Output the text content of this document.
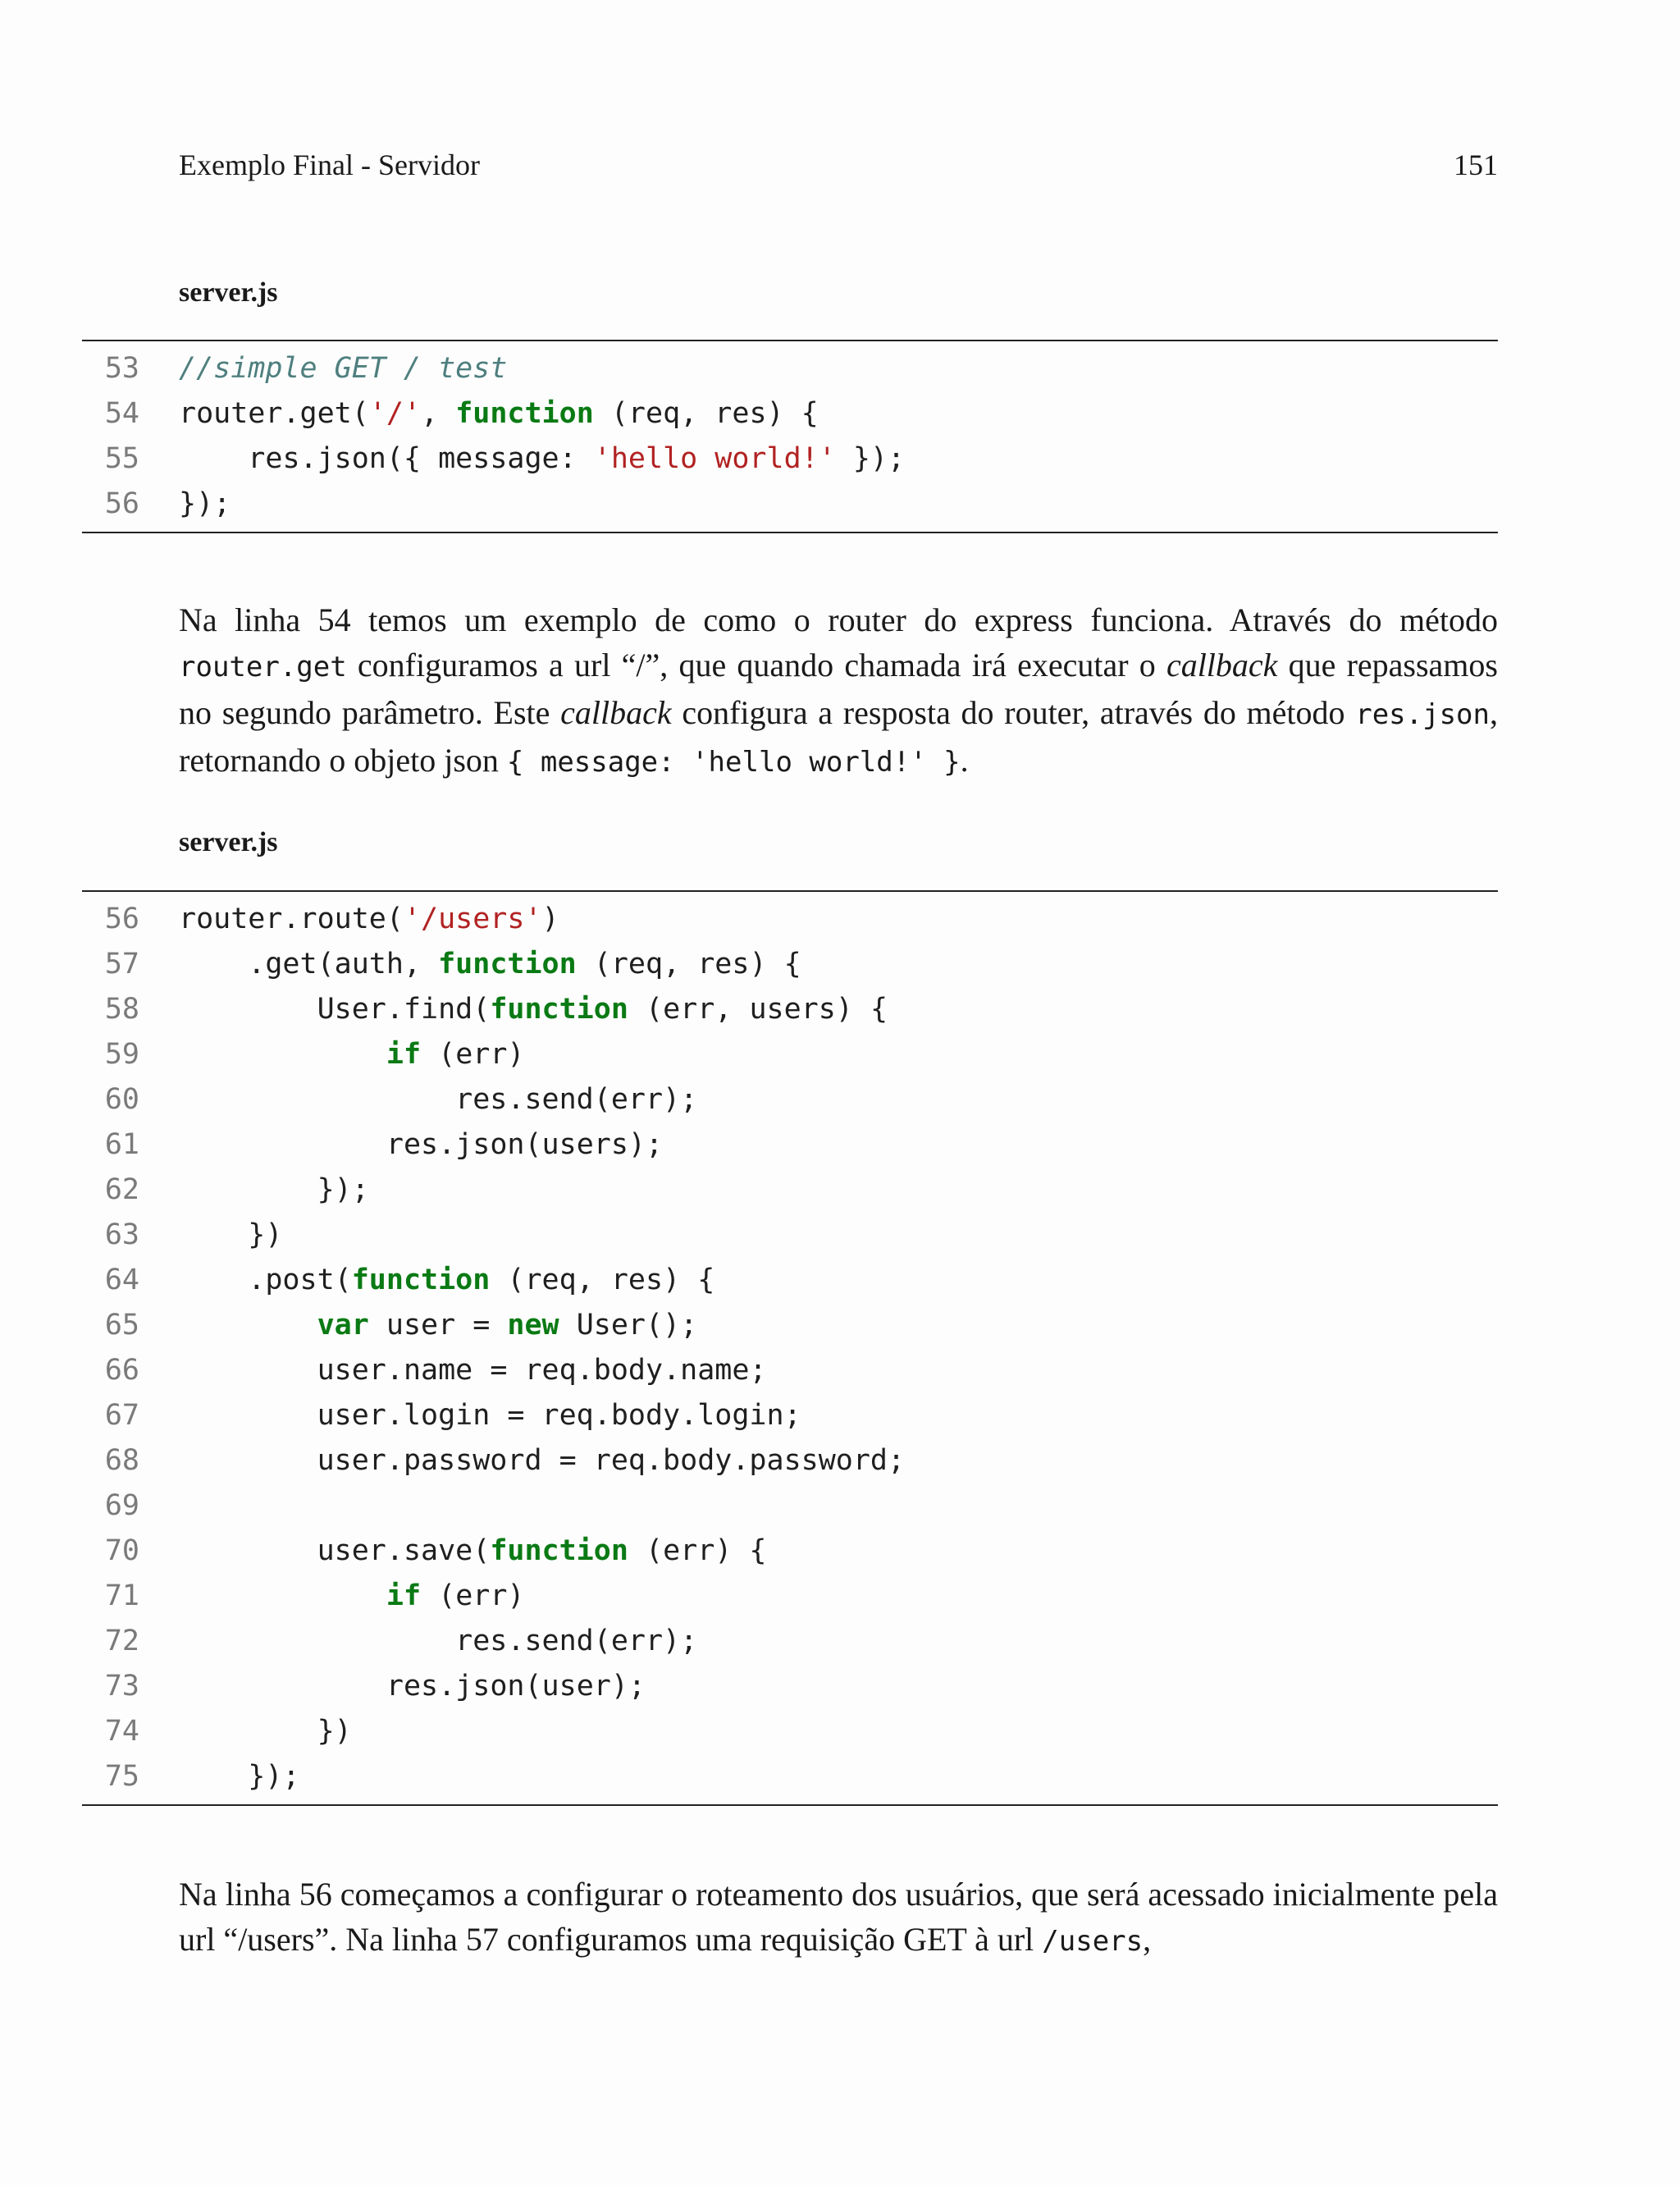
Exemplo Final - Servidor	151
server.js
53 //simple GET / test
54 router.get('/', function (req, res) {
55	res.json({ message: 'hello world!' });
56 });

Na linha 54 temos um exemplo de como o router do express funciona. Através do método router.get configuramos a url “/”, que quando chamada irá executar o callback que repassamos no segundo parâmetro. Este callback configura a resposta do router, através do método res.json, retornando o objeto json { message: 'hello world!' }.

server.js
56 router.route('/users')
57 .get(auth, function (req, res) {
58	User.find(function (err, users) {
59	if (err)
60	res.send(err);
61	res.json(users);
62 });
63 })
64 .post(function (req, res) {
65	var user = new User();
66	user.name = req.body.name;
67	user.login = req.body.login;
68	user.password = req.body.password;
69
70	user.save(function (err) {
71	if (err)
72	res.send(err);
73	res.json(user);
74 })
75 });

Na linha 56 começamos a configurar o roteamento dos usuários, que será acessado inicialmente pela url “/users”. Na linha 57 configuramos uma requisição GET à url /users,
